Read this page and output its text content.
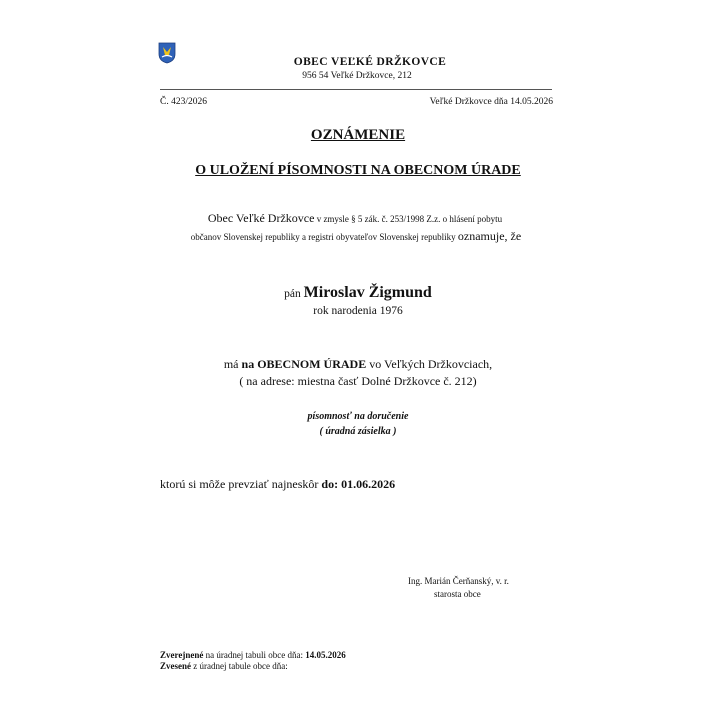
OBEC VEĽKÉ DRŽKOVCE
956 54 Veľké Držkovce, 212
Č. 423/2026	Veľké Držkovce dňa 14.05.2026
OZNÁMENIE
O ULOŽENÍ PÍSOMNOSTI NA OBECNOM ÚRADE
Obec Veľké Držkovce v zmysle § 5 zák. č. 253/1998 Z.z. o hlásení pobytu
občanov Slovenskej republiky a registri obyvateľov Slovenskej republiky oznamuje, že
pán Miroslav Žigmund
rok narodenia 1976
má na OBECNOM ÚRADE vo Veľkých Držkovciach,
( na adrese: miestna časť Dolné Držkovce č. 212)
písomnosť na doručenie
( úradná zásielka )
ktorú si môže prevziať najneskôr do: 01.06.2026
Ing. Marián Čerňanský, v. r.
starosta obce
Zverejnené na úradnej tabuli obce dňa: 14.05.2026
Zvesené z úradnej tabule obce dňa:
